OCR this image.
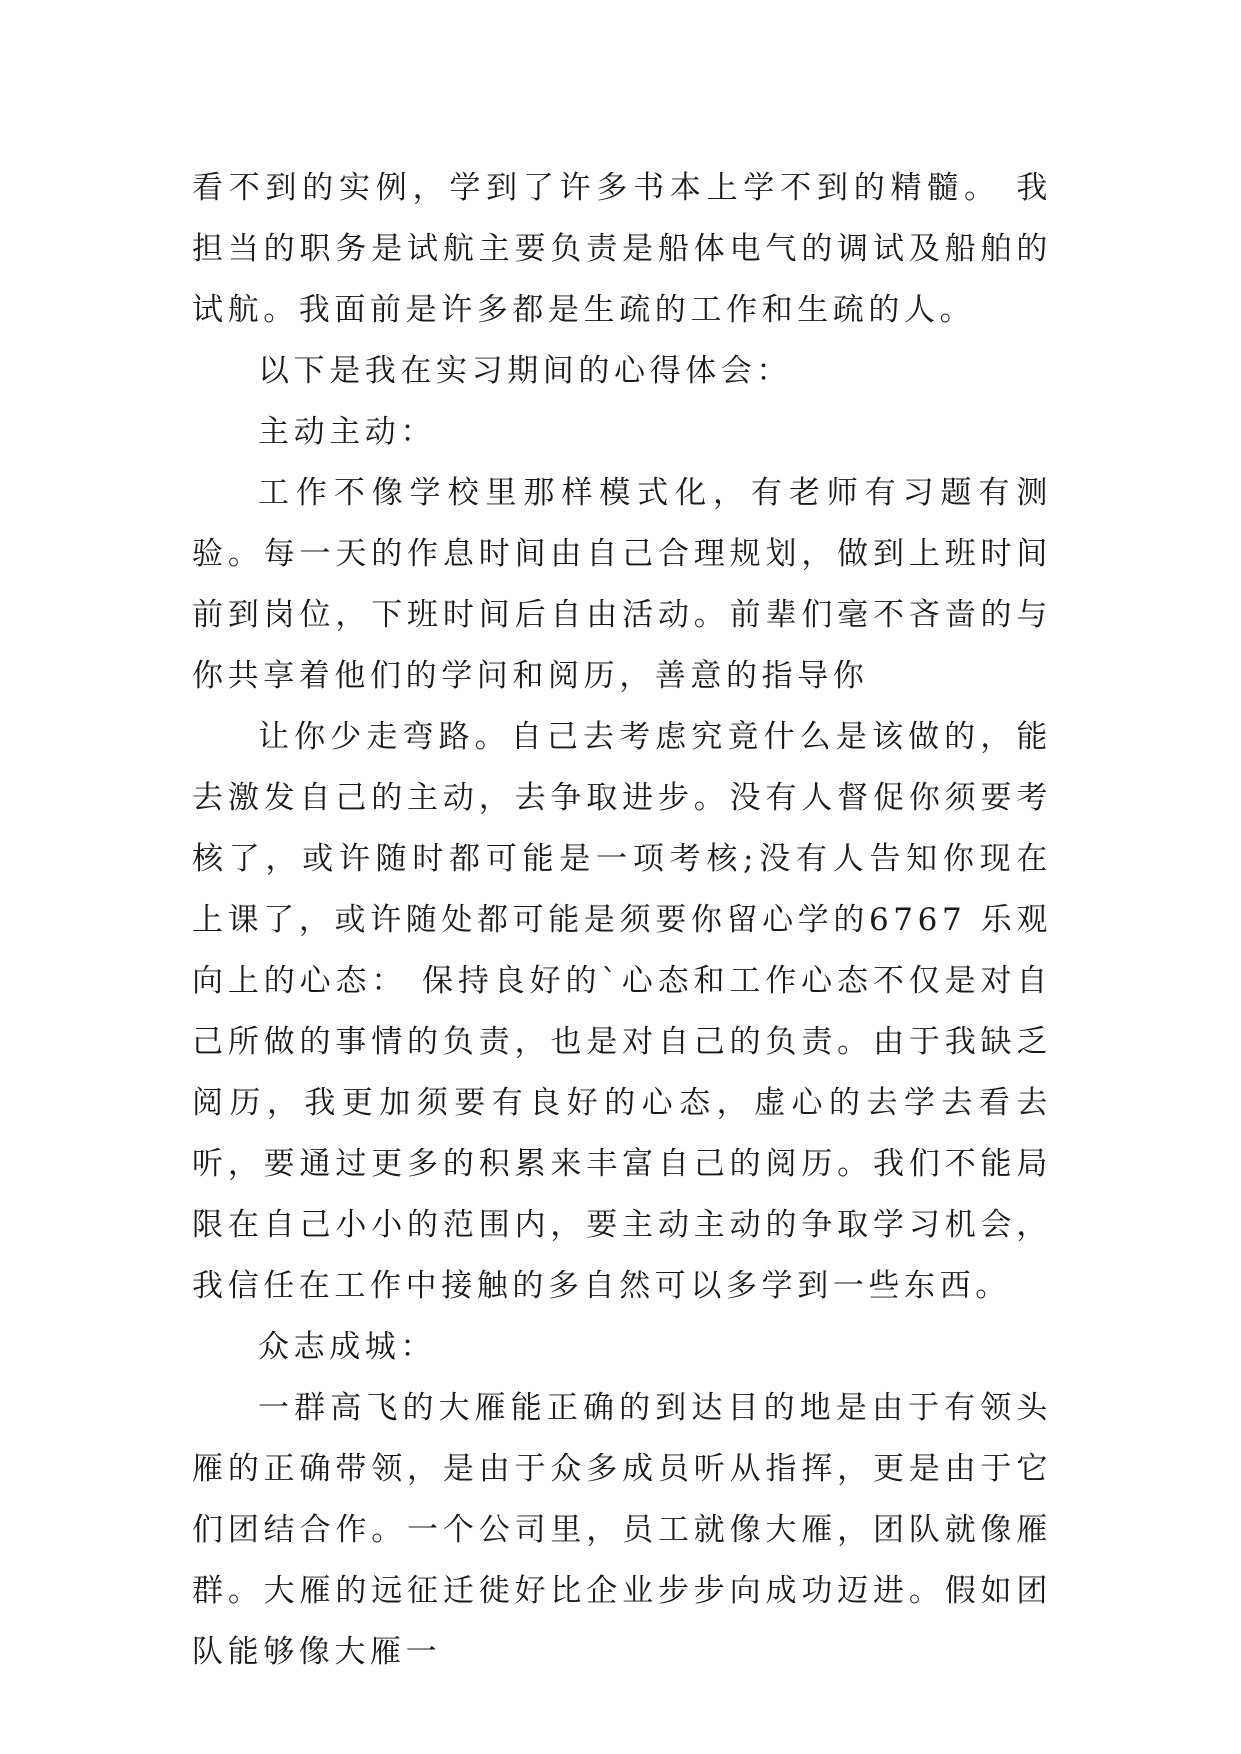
看不到的实例，学到了许多书本上学不到的精髓。 我担当的职务是试航主要负责是船体电气的调试及船舶的试航。我面前是许多都是生疏的工作和生疏的人。

以下是我在实习期间的心得体会：

主动主动：

工作不像学校里那样模式化，有老师有习题有测验。每一天的作息时间由自己合理规划，做到上班时间前到岗位，下班时间后自由活动。前辈们毫不吝啬的与你共享着他们的学问和阅历，善意的指导你

让你少走弯路。自己去考虑究竟什么是该做的，能去激发自己的主动，去争取进步。没有人督促你须要考核了，或许随时都可能是一项考核;没有人告知你现在上课了，或许随处都可能是须要你留心学的6767 乐观向上的心态： 保持良好的`心态和工作心态不仅是对自己所做的事情的负责，也是对自己的负责。由于我缺乏阅历，我更加须要有良好的心态，虚心的去学去看去听，要通过更多的积累来丰富自己的阅历。我们不能局限在自己小小的范围内，要主动主动的争取学习机会，我信任在工作中接触的多自然可以多学到一些东西。

众志成城：

一群高飞的大雁能正确的到达目的地是由于有领头雁的正确带领，是由于众多成员听从指挥，更是由于它们团结合作。一个公司里，员工就像大雁，团队就像雁群。大雁的远征迁徙好比企业步步向成功迈进。假如团队能够像大雁一
